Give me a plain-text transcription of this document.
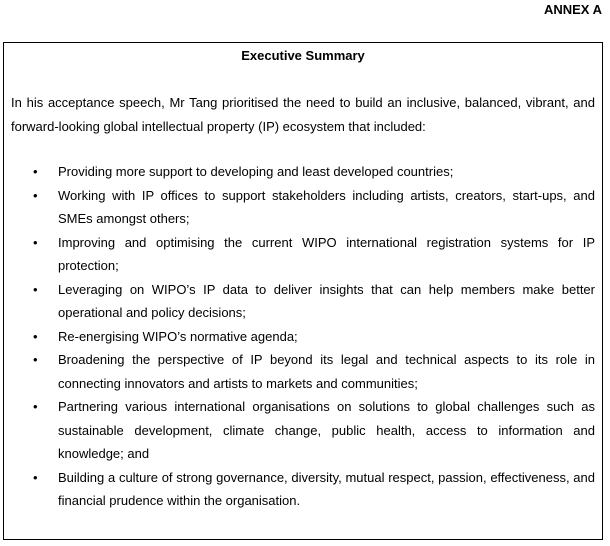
ANNEX A

Executive Summary

In his acceptance speech, Mr Tang prioritised the need to build an inclusive, balanced, vibrant, and forward-looking global intellectual property (IP) ecosystem that included:

• Providing more support to developing and least developed countries;
• Working with IP offices to support stakeholders including artists, creators, start-ups, and SMEs amongst others;
• Improving and optimising the current WIPO international registration systems for IP protection;
• Leveraging on WIPO’s IP data to deliver insights that can help members make better operational and policy decisions;
• Re-energising WIPO’s normative agenda;
• Broadening the perspective of IP beyond its legal and technical aspects to its role in connecting innovators and artists to markets and communities;
• Partnering various international organisations on solutions to global challenges such as sustainable development, climate change, public health, access to information and knowledge; and
• Building a culture of strong governance, diversity, mutual respect, passion, effectiveness, and financial prudence within the organisation.
